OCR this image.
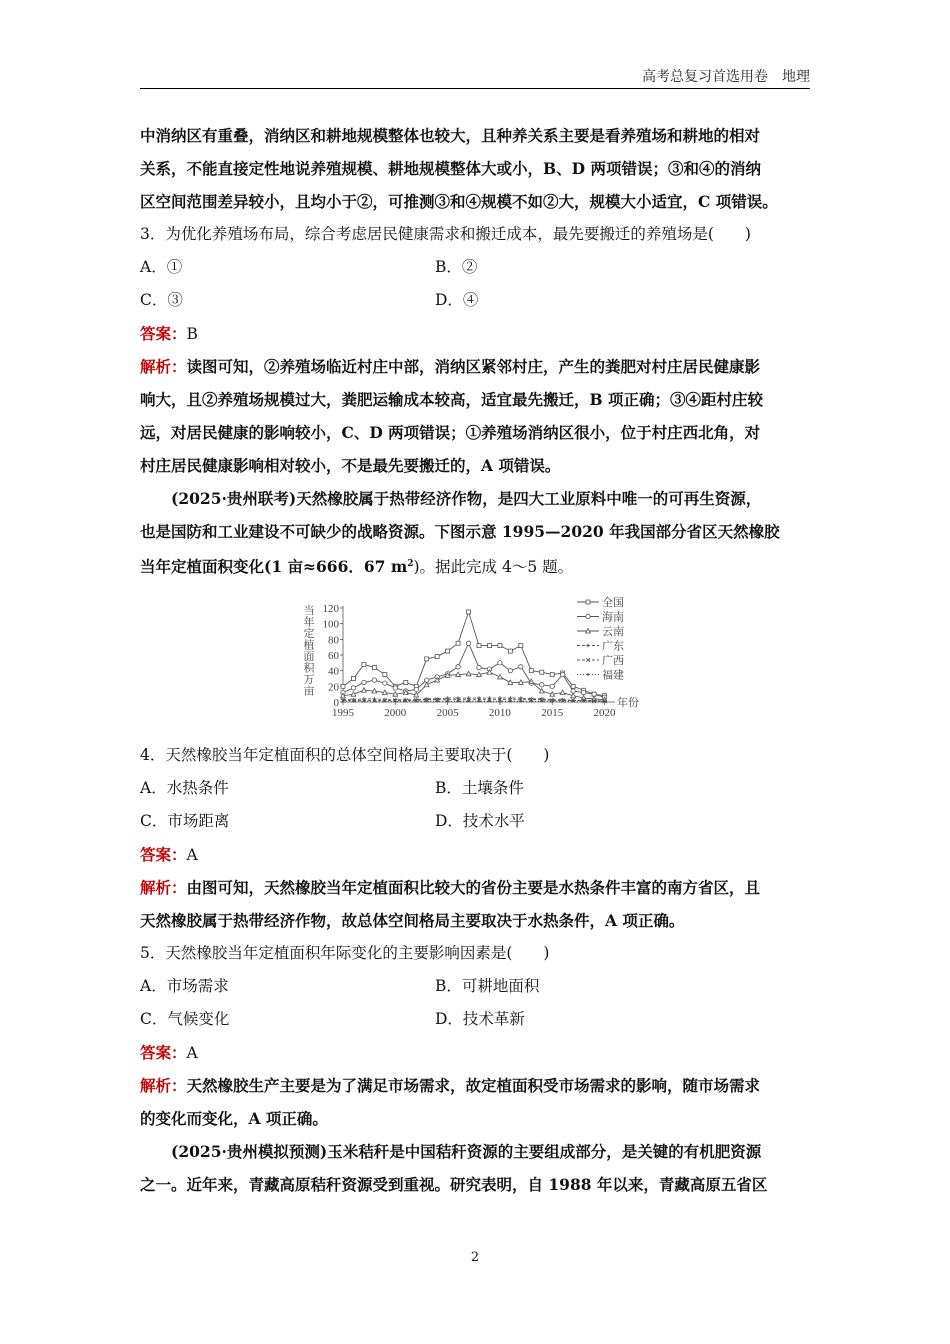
高考总复习首选用卷　地理
中消纳区有重叠，消纳区和耕地规模整体也较大，且种养关系主要是看养殖场和耕地的相对
关系，不能直接定性地说养殖规模、耕地规模整体大或小，B、D 两项错误；③和④的消纳
区空间范围差异较小，且均小于②，可推测③和④规模不如②大，规模大小适宜，C 项错误。
3．为优化养殖场布局，综合考虑居民健康需求和搬迁成本，最先要搬迁的养殖场是(　　)
A．①	B．②
C．③	D．④
答案：B
解析：读图可知，②养殖场临近村庄中部，消纳区紧邻村庄，产生的粪肥对村庄居民健康影
响大，且②养殖场规模过大，粪肥运输成本较高，适宜最先搬迁，B 项正确；③④距村庄较
远，对居民健康的影响较小，C、D 两项错误；①养殖场消纳区很小，位于村庄西北角，对
村庄居民健康影响相对较小，不是最先要搬迁的，A 项错误。
(2025·贵州联考)天然橡胶属于热带经济作物，是四大工业原料中唯一的可再生资源，
也是国防和工业建设不可缺少的战略资源。下图示意 1995—2020 年我国部分省区天然橡胶
当年定植面积变化(1 亩≈666．67 $m^2$)。据此完成 4～5 题。
0
20
40
60
80
100
120
1995	2000	2005	2010	2015	2020
当年定植面积万亩
年份
全国
海南
云南
广东
广西
福建
4．天然橡胶当年定植面积的总体空间格局主要取决于(　　)
A．水热条件	B．土壤条件
C．市场距离	D．技术水平
答案：A
解析：由图可知，天然橡胶当年定植面积比较大的省份主要是水热条件丰富的南方省区，且
天然橡胶属于热带经济作物，故总体空间格局主要取决于水热条件，A 项正确。
5．天然橡胶当年定植面积年际变化的主要影响因素是(　　)
A．市场需求	B．可耕地面积
C．气候变化	D．技术革新
答案：A
解析：天然橡胶生产主要是为了满足市场需求，故定植面积受市场需求的影响，随市场需求
的变化而变化，A 项正确。
(2025·贵州模拟预测)玉米秸秆是中国秸秆资源的主要组成部分，是关键的有机肥资源
之一。近年来，青藏高原秸秆资源受到重视。研究表明，自 1988 年以来，青藏高原五省区
2
